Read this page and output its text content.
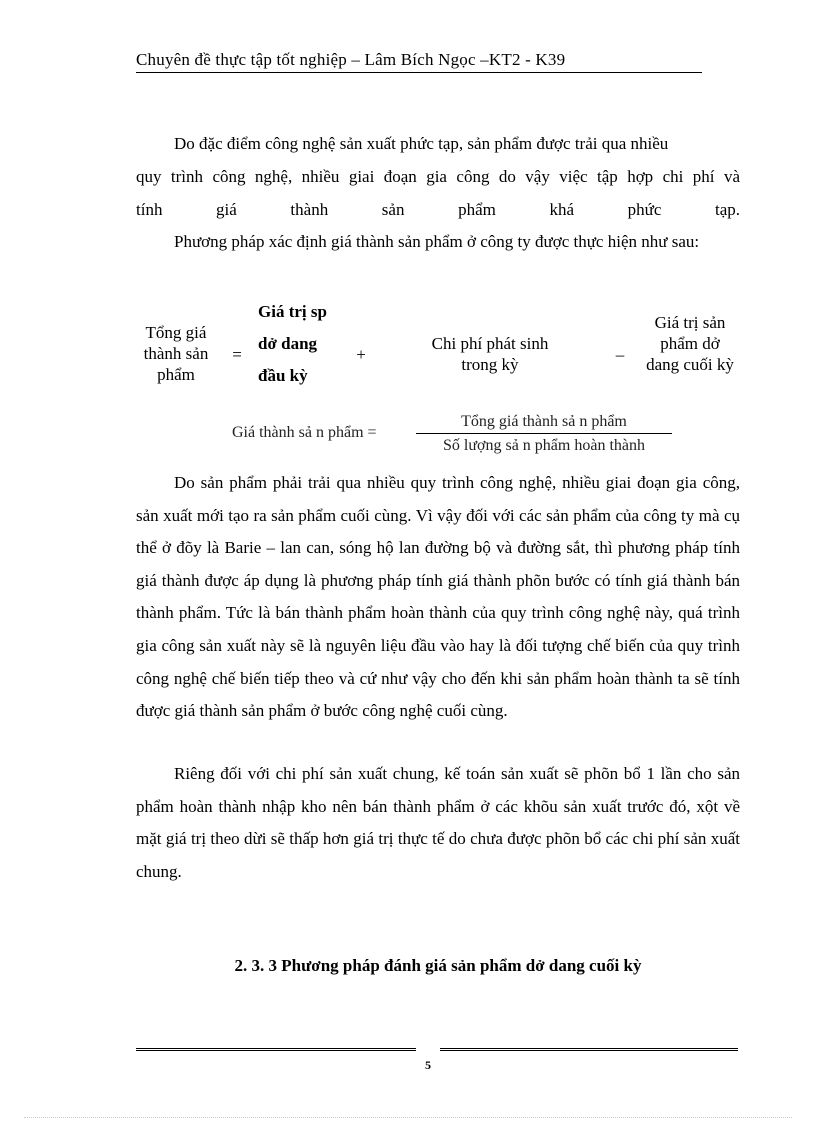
Chuyên đề thực tập tốt nghiệp – Lâm Bích Ngọc –KT2 - K39

Do đặc điểm công nghệ sản xuất phức tạp, sản phẩm được trải qua nhiều

quy trình công nghệ, nhiều giai đoạn gia công do vậy việc tập hợp chi phí và

tính giá thành sản phẩm khá phức tạp.

Phương pháp xác định giá thành sản phẩm ở công ty được thực hiện như sau:

Tổng giá thành sản phẩm
=
Giá trị sp dở dang đầu kỳ
+
Chi phí phát sinh trong kỳ
–
Giá trị sản phẩm dở dang cuối kỳ
Giá thành sả n phẩm =
Tổng giá thành sả n phẩm
Số lượng sả n phẩm hoàn thành

Do sản phẩm phải trải qua nhiều quy trình công nghệ, nhiều giai đoạn gia công, sản xuất mới tạo ra sản phẩm cuối cùng. Vì vậy đối với các sản phẩm của công ty mà cụ thể ở đõy là Barie – lan can, sóng hộ lan đường bộ và đường sắt, thì phương pháp tính giá thành được áp dụng là phương pháp tính giá thành phõn bước có tính giá thành bán thành phẩm. Tức là bán thành phẩm hoàn thành của quy trình công nghệ này, quá trình gia công sản xuất này sẽ là nguyên liệu đầu vào hay là đối tượng chế biến của quy trình công nghệ chế biến tiếp theo và cứ như vậy cho đến khi sản phẩm hoàn thành ta sẽ tính được giá thành sản phẩm ở bước công nghệ cuối cùng.

Riêng đối với chi phí sản xuất chung, kế toán sản xuất sẽ phõn bổ 1 lần cho sản phẩm hoàn thành nhập kho nên bán thành phẩm ở các khõu sản xuất trước đó, xột về mặt giá trị theo dừi sẽ thấp hơn giá trị thực tế do chưa được phõn bổ các chi phí sản xuất chung.

2. 3. 3 Phương pháp đánh giá sản phẩm dở dang cuối kỳ
5
